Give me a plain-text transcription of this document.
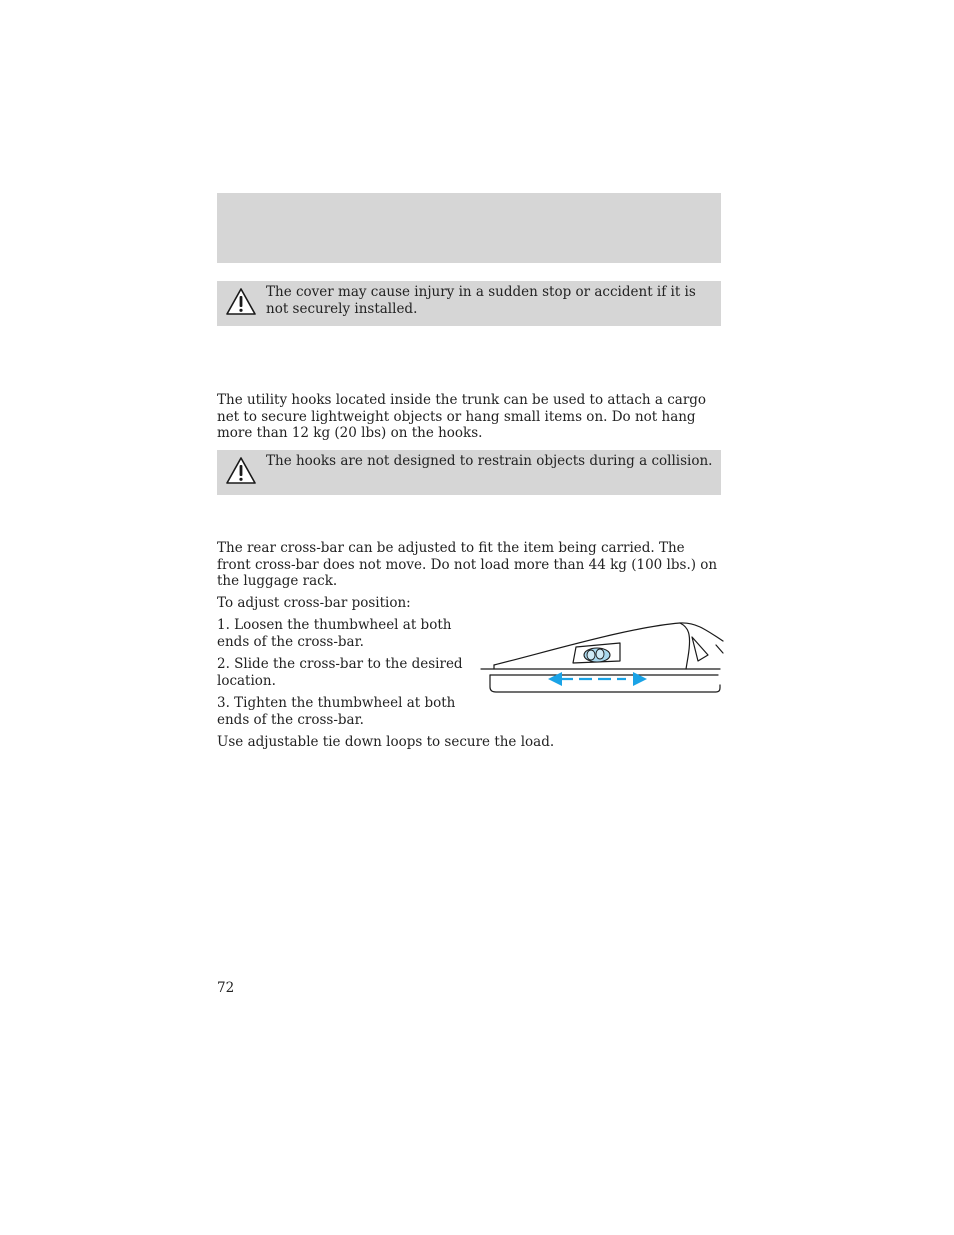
The cover may cause injury in a sudden stop or accident if it is not securely installed.

The utility hooks located inside the trunk can be used to attach a cargo net to secure lightweight objects or hang small items on. Do not hang more than 12 kg (20 lbs) on the hooks.

The hooks are not designed to restrain objects during a collision.

The rear cross-bar can be adjusted to fit the item being carried. The front cross-bar does not move. Do not load more than 44 kg (100 lbs.) on the luggage rack.

To adjust cross-bar position:

1. Loosen the thumbwheel at both ends of the cross-bar.

2. Slide the cross-bar to the desired location.

3. Tighten the thumbwheel at both ends of the cross-bar.

Use adjustable tie down loops to secure the load.

72
